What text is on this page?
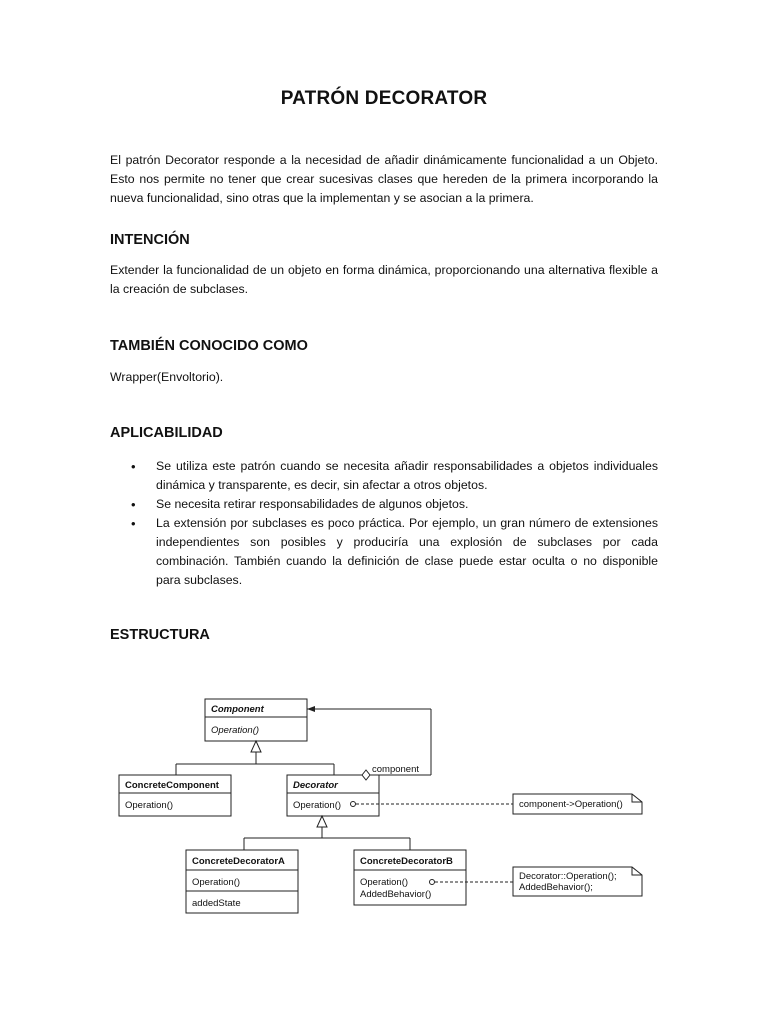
PATRÓN DECORATOR
El patrón Decorator responde a la necesidad de añadir dinámicamente funcionalidad a un Objeto. Esto nos permite no tener que crear sucesivas clases que hereden de la primera incorporando la nueva funcionalidad, sino otras que la implementan y se asocian a la primera.
INTENCIÓN
Extender la funcionalidad de un objeto en forma dinámica, proporcionando una alternativa flexible a la creación de subclases.
TAMBIÉN CONOCIDO COMO
Wrapper(Envoltorio).
APLICABILIDAD
• Se utiliza este patrón cuando se necesita añadir responsabilidades a objetos individuales dinámica y transparente, es decir, sin afectar a otros objetos.
• Se necesita retirar responsabilidades de algunos objetos.
• La extensión por subclases es poco práctica. Por ejemplo, un gran número de extensiones independientes son posibles y produciría una explosión de subclases por cada combinación. También cuando la definición de clase puede estar oculta o no disponible para subclases.
ESTRUCTURA
Component
Operation()
ConcreteComponent
Operation()
Decorator
Operation()
component
component->Operation()
ConcreteDecoratorA
Operation()
addedState
ConcreteDecoratorB
Operation()
AddedBehavior()
Decorator::Operation();
AddedBehavior();
